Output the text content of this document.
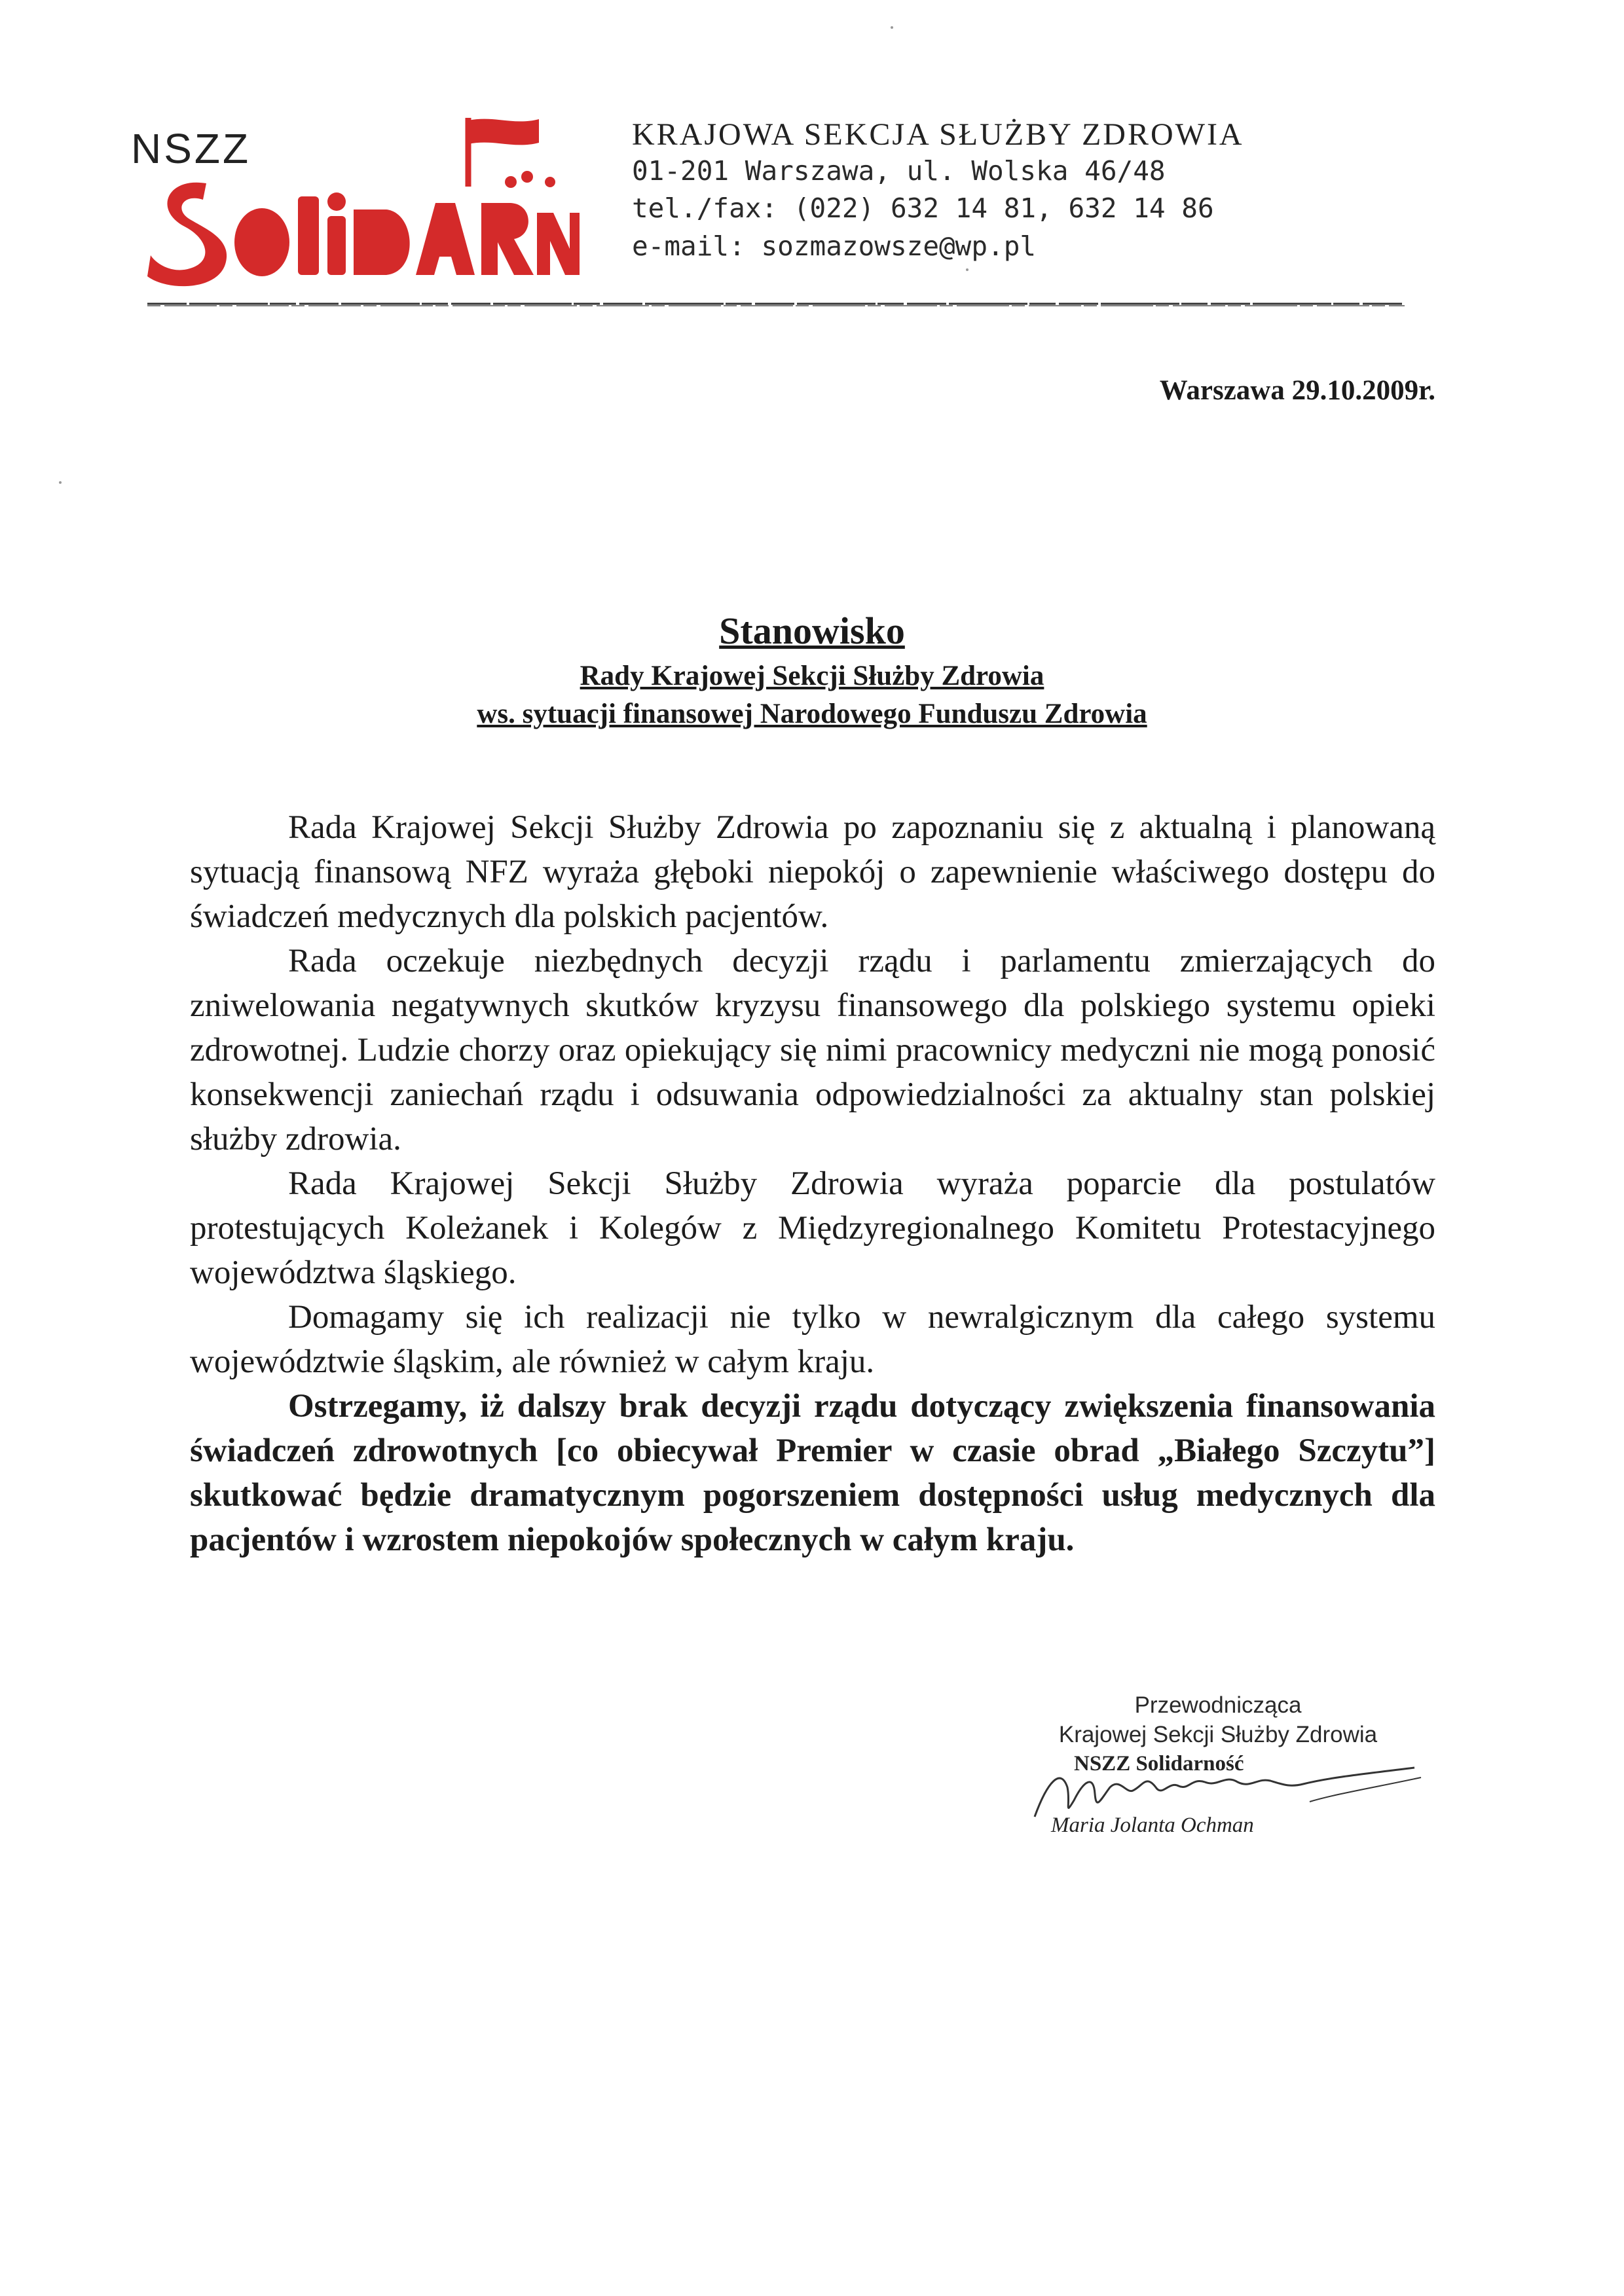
NSZZ	KRAJOWA SEKCJA SŁUŻBY ZDROWIA
01-201 Warszawa, ul. Wolska 46/48
tel./fax: (022) 632 14 81, 632 14 86
e-mail: sozmazowsze@wp.pl
Warszawa 29.10.2009r.
Stanowisko
Rady Krajowej Sekcji Służby Zdrowia
ws. sytuacji finansowej Narodowego Funduszu Zdrowia

Rada Krajowej Sekcji Służby Zdrowia po zapoznaniu się z aktualną i planowaną sytuacją finansową NFZ wyraża głęboki niepokój o zapewnienie właściwego dostępu do świadczeń medycznych dla polskich pacjentów.

Rada oczekuje niezbędnych decyzji rządu i parlamentu zmierzających do zniwelowania negatywnych skutków kryzysu finansowego dla polskiego systemu opieki zdrowotnej. Ludzie chorzy oraz opiekujący się nimi pracownicy medyczni nie mogą ponosić konsekwencji zaniechań rządu i odsuwania odpowiedzialności za aktualny stan polskiej służby zdrowia.

Rada Krajowej Sekcji Służby Zdrowia wyraża poparcie dla postulatów protestujących Koleżanek i Kolegów z Międzyregionalnego Komitetu Protestacyjnego województwa śląskiego.

Domagamy się ich realizacji nie tylko w newralgicznym dla całego systemu województwie śląskim, ale również w całym kraju.

Ostrzegamy, iż dalszy brak decyzji rządu dotyczący zwiększenia finansowania świadczeń zdrowotnych [co obiecywał Premier w czasie obrad „Białego Szczytu”] skutkować będzie dramatycznym pogorszeniem dostępności usług medycznych dla pacjentów i wzrostem niepokojów społecznych w całym kraju.

Przewodnicząca
Krajowej Sekcji Służby Zdrowia
NSZZ Solidarność
Maria Jolanta Ochman
